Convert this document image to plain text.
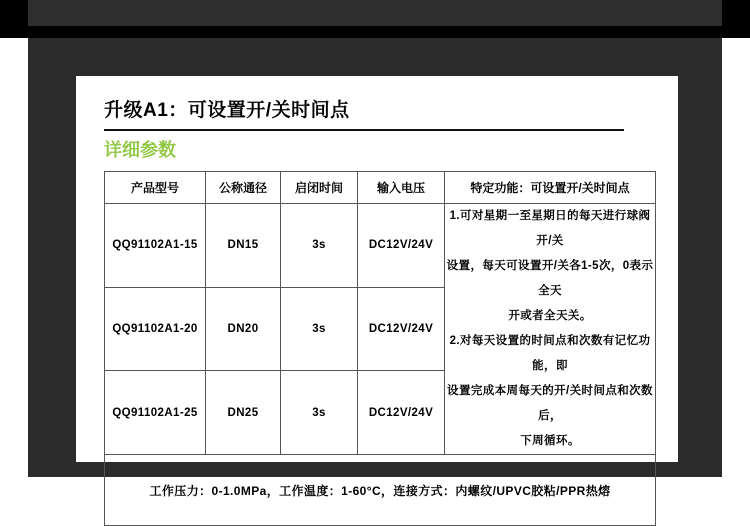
升级A1：可设置开/关时间点
详细参数
产品型号	公称通径	启闭时间	输入电压	特定功能：可设置开/关时间点
QQ91102A1-15	DN15	3s	DC12V/24V	

1.可对星期一至星期日的每天进行球阀开/关

设置，每天可设置开/关各1-5次，0表示全天

开或者全天关。

2.对每天设置的时间点和次数有记忆功能，即

设置完成本周每天的开/关时间点和次数后，

下周循环。

QQ91102A1-20	DN20	3s	DC12V/24V	
QQ91102A1-25	DN25	3s	DC12V/24V	
工作压力：0-1.0MPa，工作温度：1-60°C，连接方式：内螺纹/UPVC胶粘/PPR热熔				
